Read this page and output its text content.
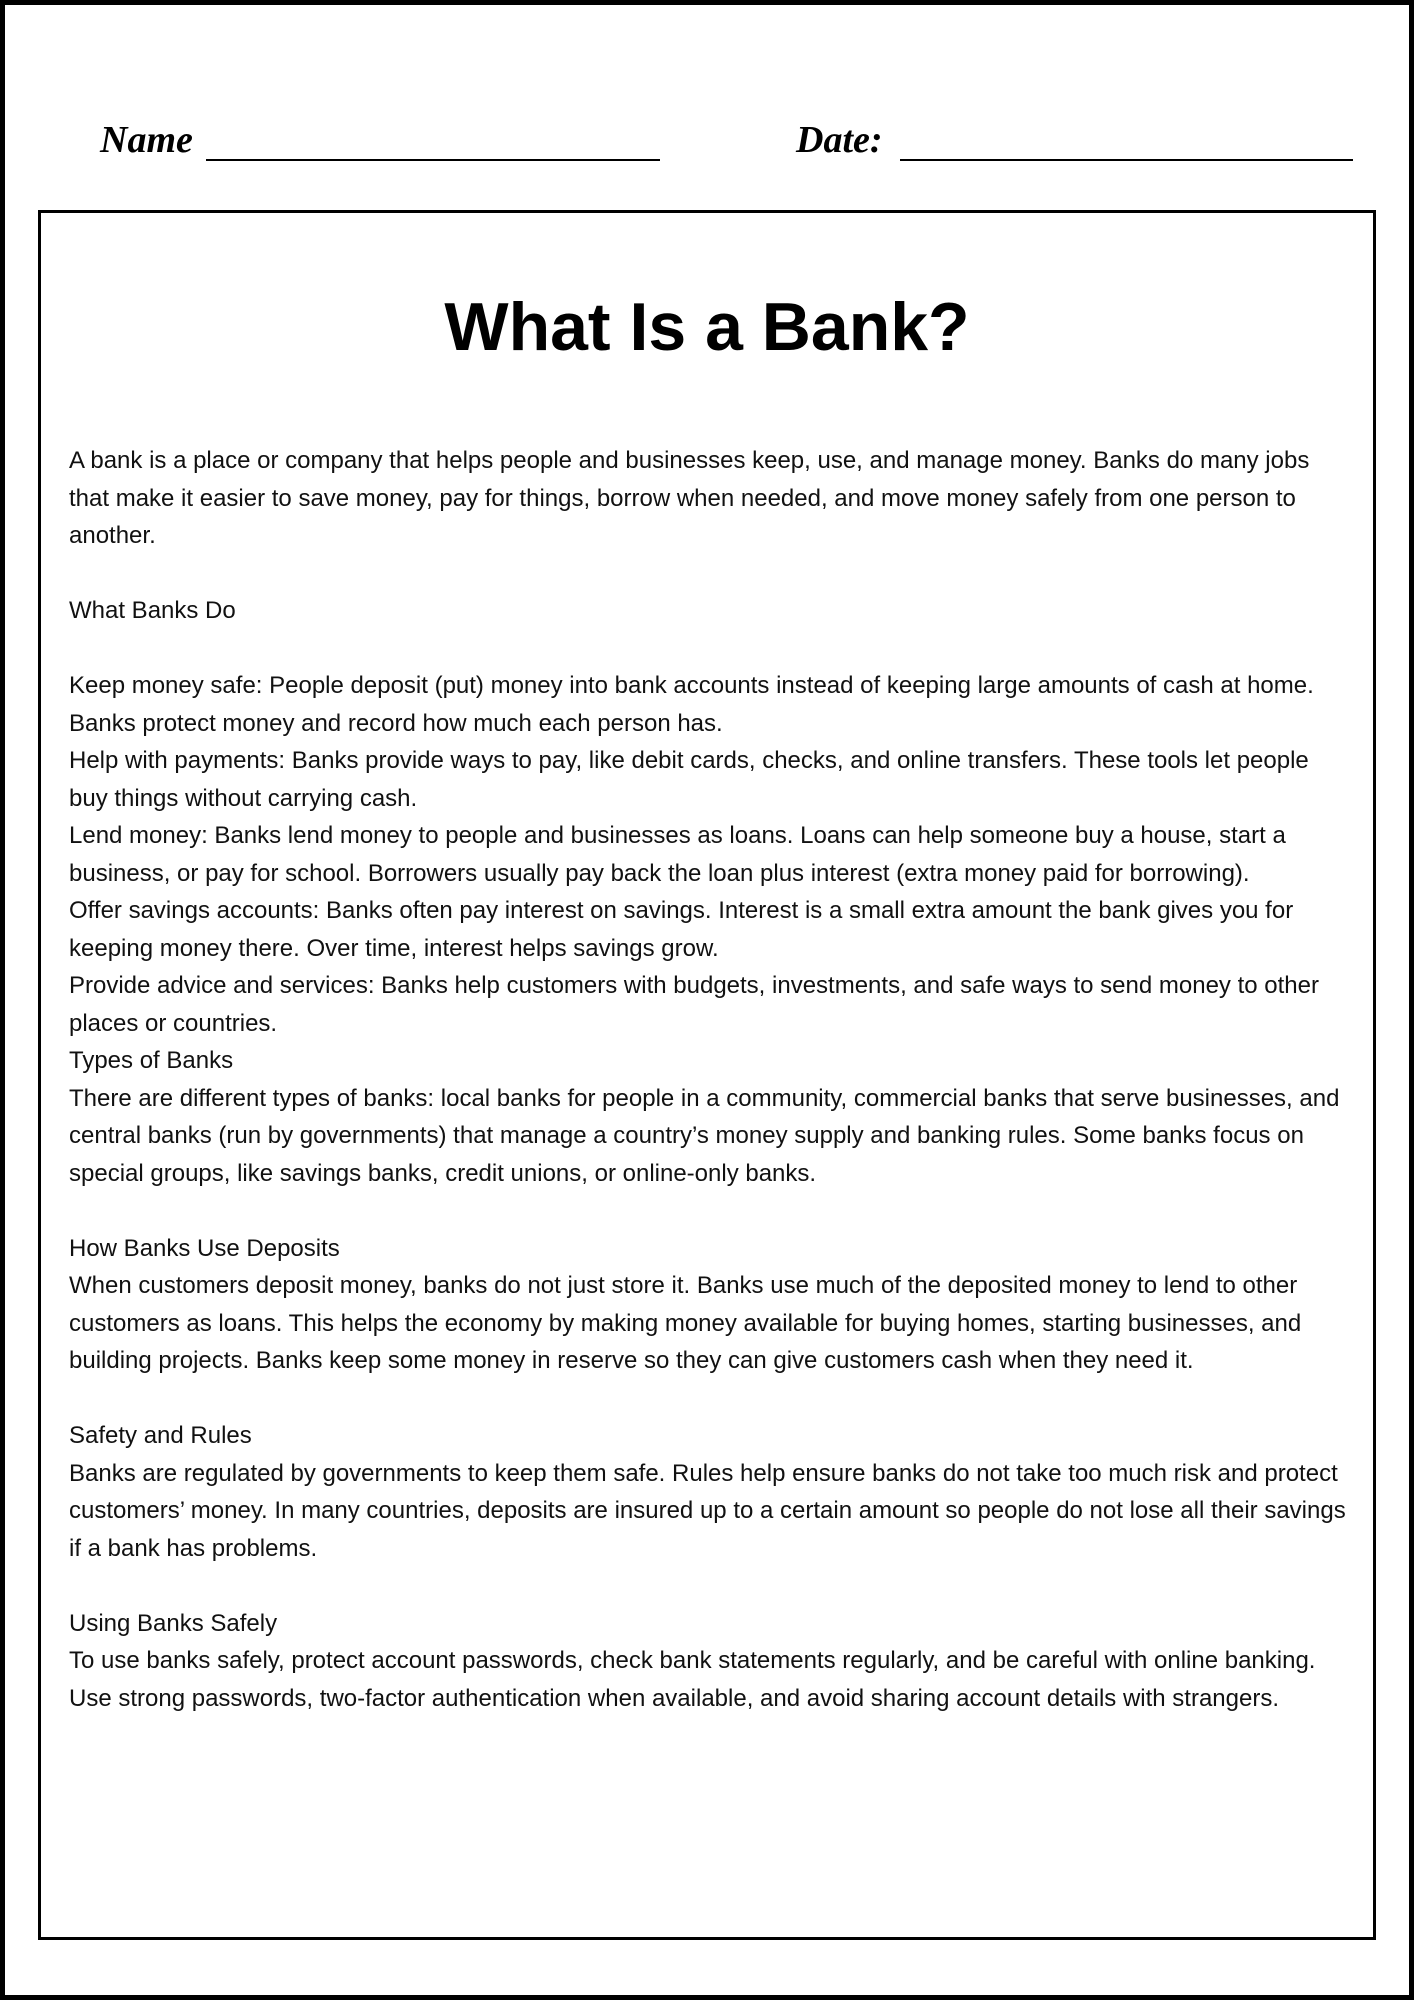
Name	Date:
What Is a Bank?

A bank is a place or company that helps people and businesses keep, use, and manage money. Banks do many jobs that make it easier to save money, pay for things, borrow when needed, and move money safely from one person to another.

What Banks Do

Keep money safe: People deposit (put) money into bank accounts instead of keeping large amounts of cash at home. Banks protect money and record how much each person has.

Help with payments: Banks provide ways to pay, like debit cards, checks, and online transfers. These tools let people buy things without carrying cash.

Lend money: Banks lend money to people and businesses as loans. Loans can help someone buy a house, start a business, or pay for school. Borrowers usually pay back the loan plus interest (extra money paid for borrowing).

Offer savings accounts: Banks often pay interest on savings. Interest is a small extra amount the bank gives you for keeping money there. Over time, interest helps savings grow.

Provide advice and services: Banks help customers with budgets, investments, and safe ways to send money to other places or countries.

Types of Banks

There are different types of banks: local banks for people in a community, commercial banks that serve businesses, and central banks (run by governments) that manage a country’s money supply and banking rules. Some banks focus on special groups, like savings banks, credit unions, or online-only banks.

How Banks Use Deposits

When customers deposit money, banks do not just store it. Banks use much of the deposited money to lend to other customers as loans. This helps the economy by making money available for buying homes, starting businesses, and building projects. Banks keep some money in reserve so they can give customers cash when they need it.

Safety and Rules

Banks are regulated by governments to keep them safe. Rules help ensure banks do not take too much risk and protect customers’ money. In many countries, deposits are insured up to a certain amount so people do not lose all their savings if a bank has problems.

Using Banks Safely

To use banks safely, protect account passwords, check bank statements regularly, and be careful with online banking. Use strong passwords, two-factor authentication when available, and avoid sharing account details with strangers.
